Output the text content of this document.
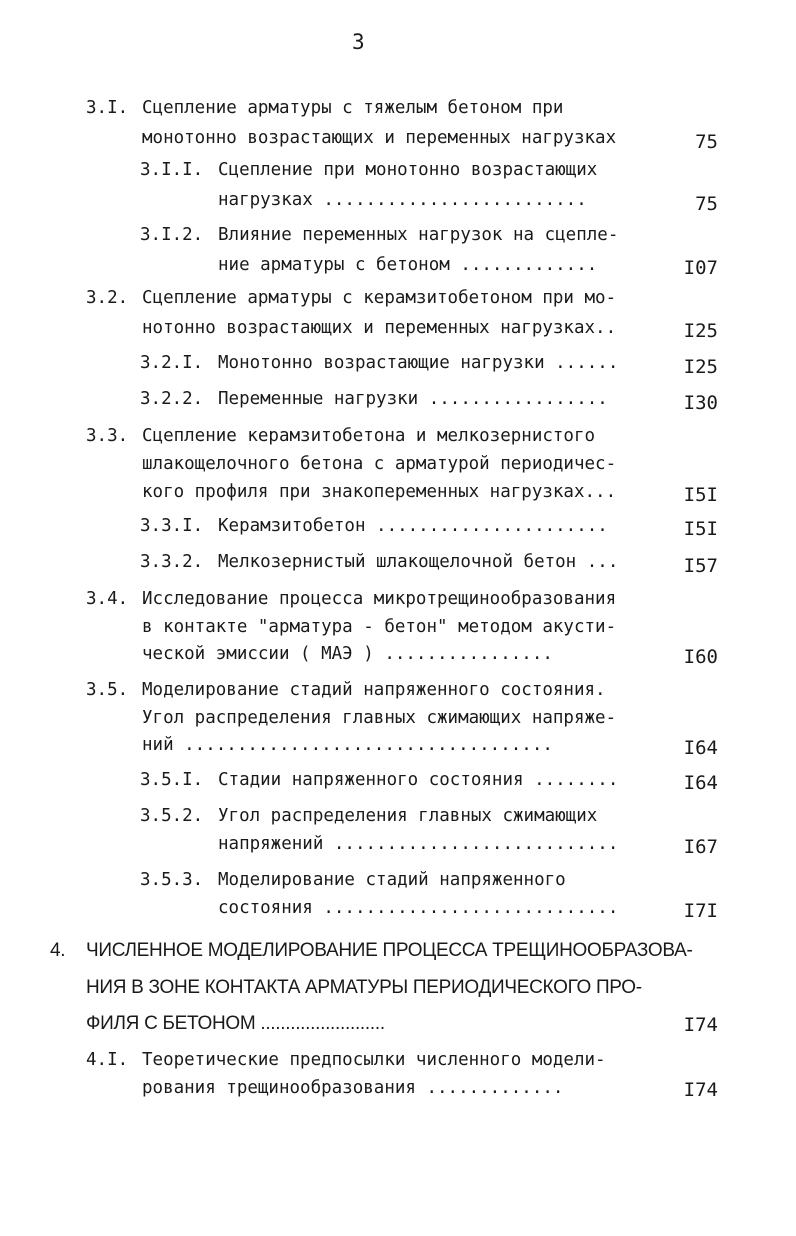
3
3.I. Сцепление арматуры с тяжелым бетоном при
монотонно возрастающих и переменных нагрузках	75
3.I.I. Сцепление при монотонно возрастающих
нагрузках .........................	75
3.I.2. Влияние переменных нагрузок на сцепле-
ние арматуры с бетоном .............	I07
3.2. Сцепление арматуры с керамзитобетоном при мо-
нотонно возрастающих и переменных нагрузках..	I25
3.2.I. Монотонно возрастающие нагрузки ......	I25
3.2.2. Переменные нагрузки .................	I30
3.3. Сцепление керамзитобетона и мелкозернистого
шлакощелочного бетона с арматурой периодичес-
кого профиля при знакопеременных нагрузках...	I5I
3.3.I. Керамзитобетон ......................	I5I
3.3.2. Мелкозернистый шлакощелочной бетон ...	I57
3.4. Исследование процесса микротрещинообразования
в контакте "арматура - бетон" методом акусти-
ческой эмиссии ( МАЭ ) ................	I60
3.5. Моделирование стадий напряженного состояния.
Угол распределения главных сжимающих напряже-
ний ...................................	I64
3.5.I. Стадии напряженного состояния ........	I64
3.5.2. Угол распределения главных сжимающих
напряжений ...........................	I67
3.5.3. Моделирование стадий напряженного
состояния ............................	I7I
4. ЧИСЛЕННОЕ МОДЕЛИРОВАНИЕ ПРОЦЕССА ТРЕЩИНООБРАЗОВА-
НИЯ В ЗОНЕ КОНТАКТА АРМАТУРЫ ПЕРИОДИЧЕСКОГО ПРО-
ФИЛЯ С БЕТОНОМ .........................	I74
4.I. Теоретические предпосылки численного модели-
рования трещинообразования .............	I74
